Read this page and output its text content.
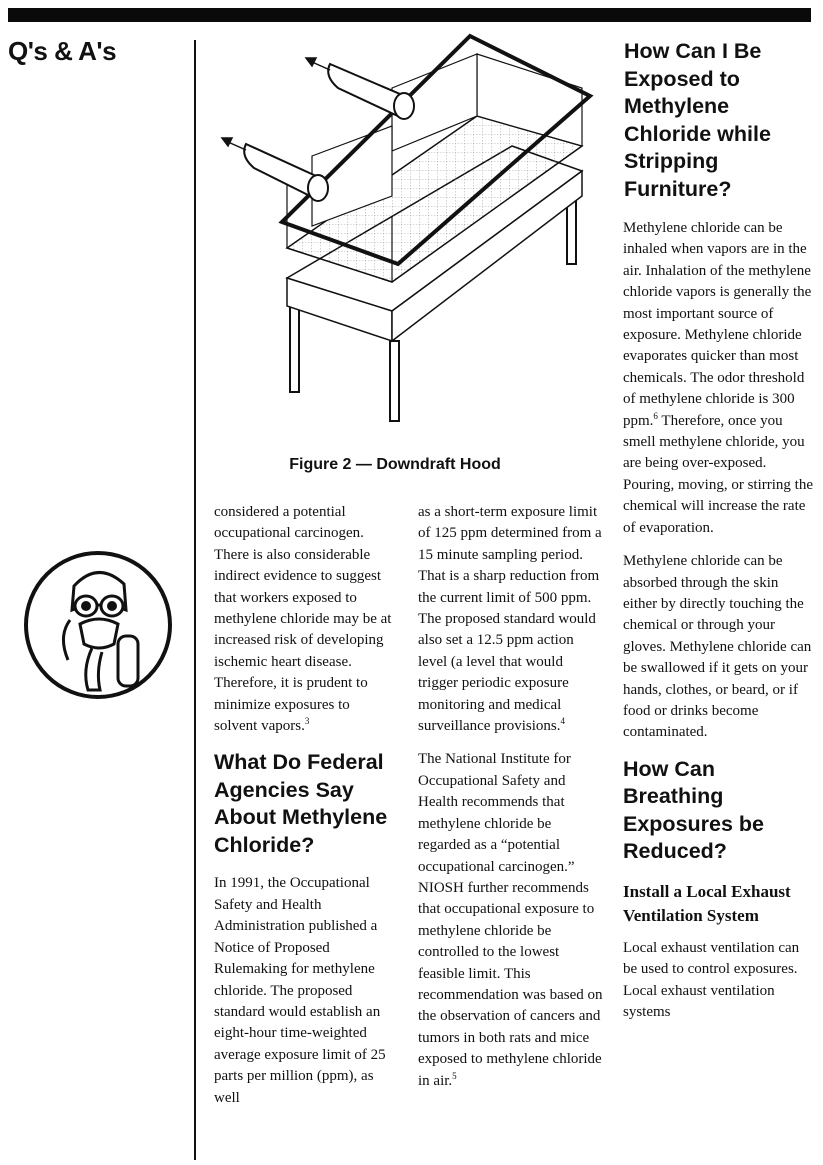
Q's & A's
Figure 2 — Downdraft Hood

considered a potential occupational carcinogen. There is also considerable indirect evidence to suggest that workers exposed to methylene chloride may be at increased risk of developing ischemic heart disease. Therefore, it is prudent to minimize exposures to solvent vapors.$^3$

What Do Federal Agencies Say About Methylene Chloride?

In 1991, the Occupational Safety and Health Administration published a Notice of Proposed Rulemaking for methylene chloride. The proposed standard would establish an eight-hour time-weighted average exposure limit of 25 parts per million (ppm), as well

as a short-term exposure limit of 125 ppm determined from a 15 minute sampling period. That is a sharp reduction from the current limit of 500 ppm. The proposed standard would also set a 12.5 ppm action level (a level that would trigger periodic exposure monitoring and medical surveillance provisions.$^4$

The National Institute for Occupational Safety and Health recommends that methylene chloride be regarded as a “potential occupational carcinogen.” NIOSH further recommends that occupational exposure to methylene chloride be controlled to the lowest feasible limit. This recommendation was based on the observation of cancers and tumors in both rats and mice exposed to methylene chloride in air.$^5$

How Can I Be Exposed to Methylene Chloride while Stripping Furniture?

Methylene chloride can be inhaled when vapors are in the air. Inhalation of the methylene chloride vapors is generally the most important source of exposure. Methylene chloride evaporates quicker than most chemicals. The odor threshold of methylene chloride is 300 ppm.$^6$ Therefore, once you smell methylene chloride, you are being over-exposed. Pouring, moving, or stirring the chemical will increase the rate of evaporation.

Methylene chloride can be absorbed through the skin either by directly touching the chemical or through your gloves. Methylene chloride can be swallowed if it gets on your hands, clothes, or beard, or if food or drinks become contaminated.

How Can Breathing Exposures be Reduced?
Install a Local Exhaust Ventilation System

Local exhaust ventilation can be used to control exposures. Local exhaust ventilation systems
